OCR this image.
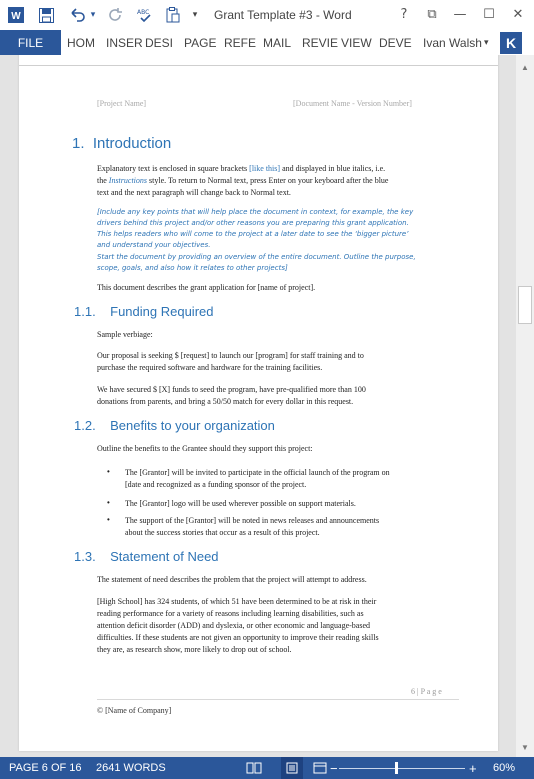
W	▾	ABC	▾	Grant Template #3 - Word	?	⧉	—	☐	✕
FILE	HOM INSER DESI PAGE REFE MAIL REVIE VIEW DEVE Ivan Walsh ▾	K
[Project Name]	[Document Name - Version Number]
1.  Introduction

Explanatory text is enclosed in square brackets [like this] and displayed in blue italics, i.e.
the Instructions style. To return to Normal text, press Enter on your keyboard after the blue
text and the next paragraph will change back to Normal text.

[Include any key points that will help place the document in context, for example, the key
drivers behind this project and/or other reasons you are preparing this grant application.
This helps readers who will come to the project at a later date to see the ‘bigger picture’
and understand your objectives.

Start the document by providing an overview of the entire document. Outline the purpose,
scope, goals, and also how it relates to other projects]

This document describes the grant application for [name of project].

1.1.    Funding Required

Sample verbiage:

Our proposal is seeking $ [request] to launch our [program] for staff training and to
purchase the required software and hardware for the training facilities.

We have secured $ [X] funds to seed the program, have pre-qualified more than 100
donations from parents, and bring a 50/50 match for every dollar in this request.

1.2.    Benefits to your organization

Outline the benefits to the Grantee should they support this project:

• The [Grantor] will be invited to participate in the official launch of the program on
[date and recognized as a funding sponsor of the project.

• The [Grantor] logo will be used wherever possible on support materials.

• The support of the [Grantor] will be noted in news releases and announcements
about the success stories that occur as a result of this project.

1.3.    Statement of Need

The statement of need describes the problem that the project will attempt to address.

[High School] has 324 students, of which 51 have been determined to be at risk in their
reading performance for a variety of reasons including learning disabilities, such as
attention deficit disorder (ADD) and dyslexia, or other economic and language-based
difficulties. If these students are not given an opportunity to improve their reading skills
they are, as research show, more likely to drop out of school.

6 | P a g e
© [Name of Company]
▲
▼
PAGE 6 OF 16 2641 WORDS	−	+ 60%
